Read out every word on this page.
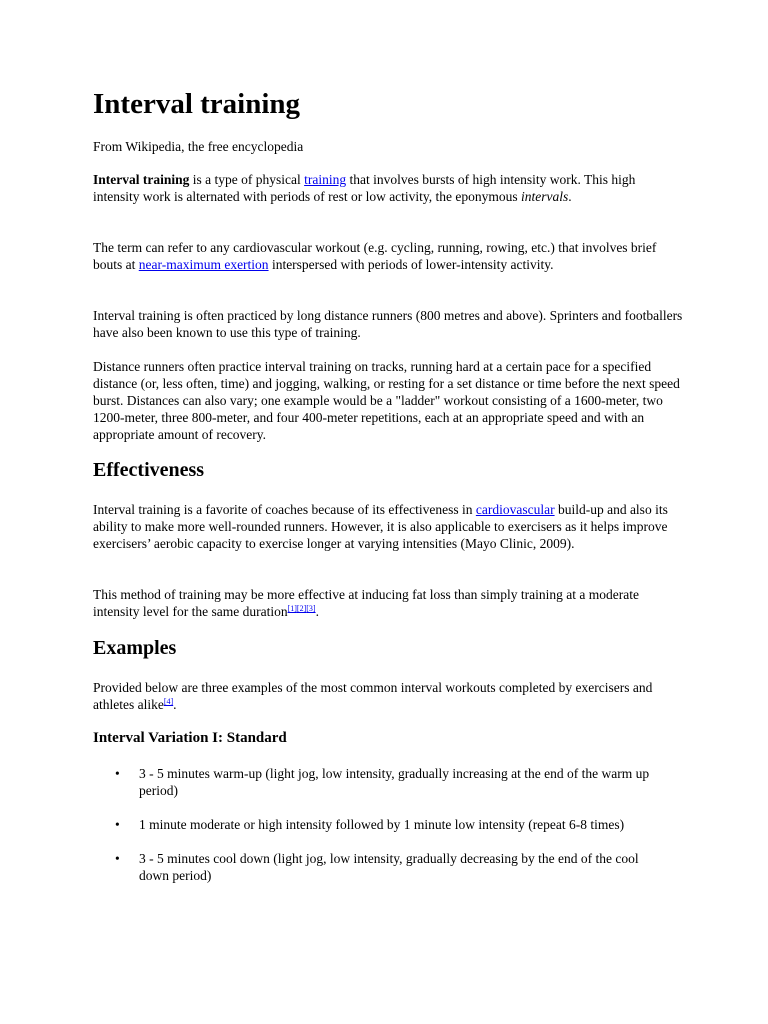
Interval training

From Wikipedia, the free encyclopedia

Interval training is a type of physical training that involves bursts of high intensity work. This high intensity work is alternated with periods of rest or low activity, the eponymous intervals.

The term can refer to any cardiovascular workout (e.g. cycling, running, rowing, etc.) that involves brief bouts at near-maximum exertion interspersed with periods of lower-intensity activity.

Interval training is often practiced by long distance runners (800 metres and above). Sprinters and footballers have also been known to use this type of training.

Distance runners often practice interval training on tracks, running hard at a certain pace for a specified distance (or, less often, time) and jogging, walking, or resting for a set distance or time before the next speed burst. Distances can also vary; one example would be a "ladder" workout consisting of a 1600-meter, two 1200-meter, three 800-meter, and four 400-meter repetitions, each at an appropriate speed and with an appropriate amount of recovery.

Effectiveness

Interval training is a favorite of coaches because of its effectiveness in cardiovascular build-up and also its ability to make more well-rounded runners. However, it is also applicable to exercisers as it helps improve exercisers’ aerobic capacity to exercise longer at varying intensities (Mayo Clinic, 2009).

This method of training may be more effective at inducing fat loss than simply training at a moderate intensity level for the same duration[1][2][3].

Examples

Provided below are three examples of the most common interval workouts completed by exercisers and athletes alike[4].

Interval Variation I: Standard
• 3 - 5 minutes warm-up (light jog, low intensity, gradually increasing at the end of the warm up period)
• 1 minute moderate or high intensity followed by 1 minute low intensity (repeat 6-8 times)
• 3 - 5 minutes cool down (light jog, low intensity, gradually decreasing by the end of the cool down period)
